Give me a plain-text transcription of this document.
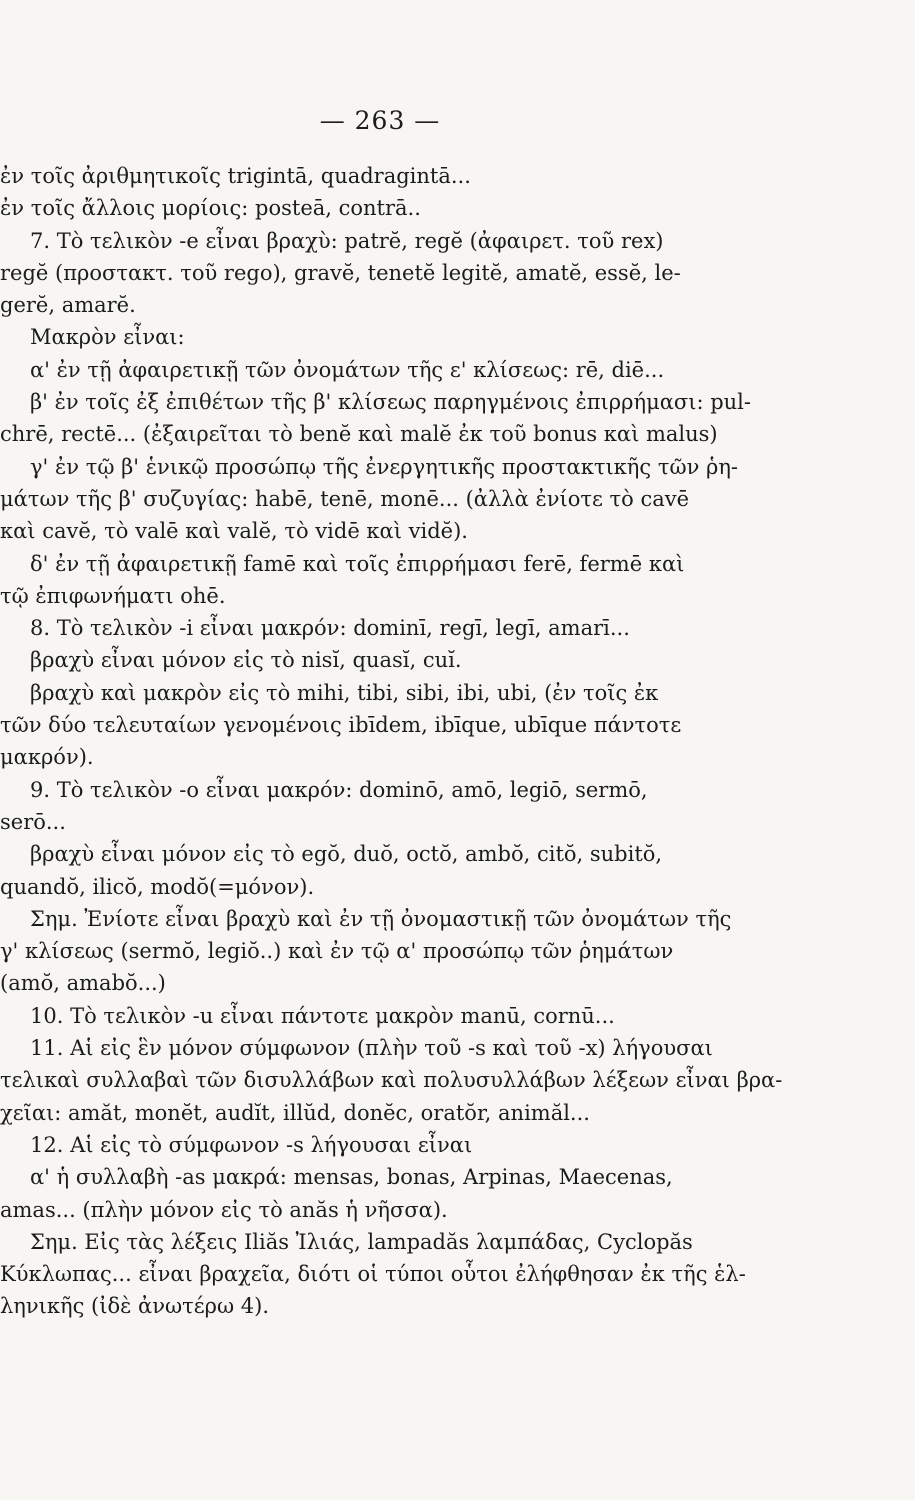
— 263 —
ἐν τοῖς ἀριθμητικοῖς trigintā, quadragintā...
ἐν τοῖς ἄλλοις μορίοις: posteā, contrā..
7. Τὸ τελικὸν -e εἶναι βραχὺ: patrĕ, regĕ (ἀφαιρετ. τοῦ rex)
regĕ (προστακτ. τοῦ rego), gravĕ, tenetĕ legitĕ, amatĕ, essĕ, le-
gerĕ, amarĕ.
Μακρὸν εἶναι:
α' ἐν τῇ ἀφαιρετικῇ τῶν ὀνομάτων τῆς ε' κλίσεως: rē, diē...
β' ἐν τοῖς ἐξ ἐπιθέτων τῆς β' κλίσεως παρηγμένοις ἐπιρρήμασι: pul-
chrē, rectē... (ἐξαιρεῖται τὸ benĕ καὶ malĕ ἐκ τοῦ bonus καὶ malus)
γ' ἐν τῷ β' ἑνικῷ προσώπῳ τῆς ἐνεργητικῆς προστακτικῆς τῶν ῥη-
μάτων τῆς β' συζυγίας: habē, tenē, monē... (ἀλλὰ ἐνίοτε τὸ cavē
καὶ cavĕ, τὸ valē καὶ valĕ, τὸ vidē καὶ vidĕ).
δ' ἐν τῇ ἀφαιρετικῇ famē καὶ τοῖς ἐπιρρήμασι ferē, fermē καὶ
τῷ ἐπιφωνήματι ohē.
8. Τὸ τελικὸν -i εἶναι μακρόν: dominī, regī, legī, amarī...
βραχὺ εἶναι μόνον εἰς τὸ nisĭ, quasĭ, cuĭ.
βραχὺ καὶ μακρὸν εἰς τὸ mihi, tibi, sibi, ibi, ubi, (ἐν τοῖς ἐκ
τῶν δύο τελευταίων γενομένοις ibīdem, ibīque, ubīque πάντοτε
μακρόν).
9. Τὸ τελικὸν -o εἶναι μακρόν: dominō, amō, legiō, sermō,
serō...
βραχὺ εἶναι μόνον εἰς τὸ egŏ, duŏ, octŏ, ambŏ, citŏ, subitŏ,
quandŏ, ilicŏ, modŏ(=μόνον).
Σημ. Ἐνίοτε εἶναι βραχὺ καὶ ἐν τῇ ὀνομαστικῇ τῶν ὀνομάτων τῆς
γ' κλίσεως (sermŏ, legiŏ..) καὶ ἐν τῷ α' προσώπῳ τῶν ῥημάτων
(amŏ, amabŏ...)
10. Τὸ τελικὸν -u εἶναι πάντοτε μακρὸν manū, cornū...
11. Αἱ εἰς ἓν μόνον σύμφωνον (πλὴν τοῦ -s καὶ τοῦ -x) λήγουσαι
τελικαὶ συλλαβαὶ τῶν δισυλλάβων καὶ πολυσυλλάβων λέξεων εἶναι βρα-
χεῖαι: amăt, monĕt, audĭt, illŭd, donĕc, oratŏr, animăl...
12. Αἱ εἰς τὸ σύμφωνον -s λήγουσαι εἶναι
α' ἡ συλλαβὴ -as μακρά: mensas, bonas, Arpinas, Maecenas,
amas... (πλὴν μόνον εἰς τὸ anăs ἡ νῆσσα).
Σημ. Εἰς τὰς λέξεις Iliăs Ἰλιάς, lampadăs λαμπάδας, Cyclopăs
Κύκλωπας... εἶναι βραχεῖα, διότι οἱ τύποι οὗτοι ἐλήφθησαν ἐκ τῆς ἑλ-
ληνικῆς (ἰδὲ ἀνωτέρω 4).
